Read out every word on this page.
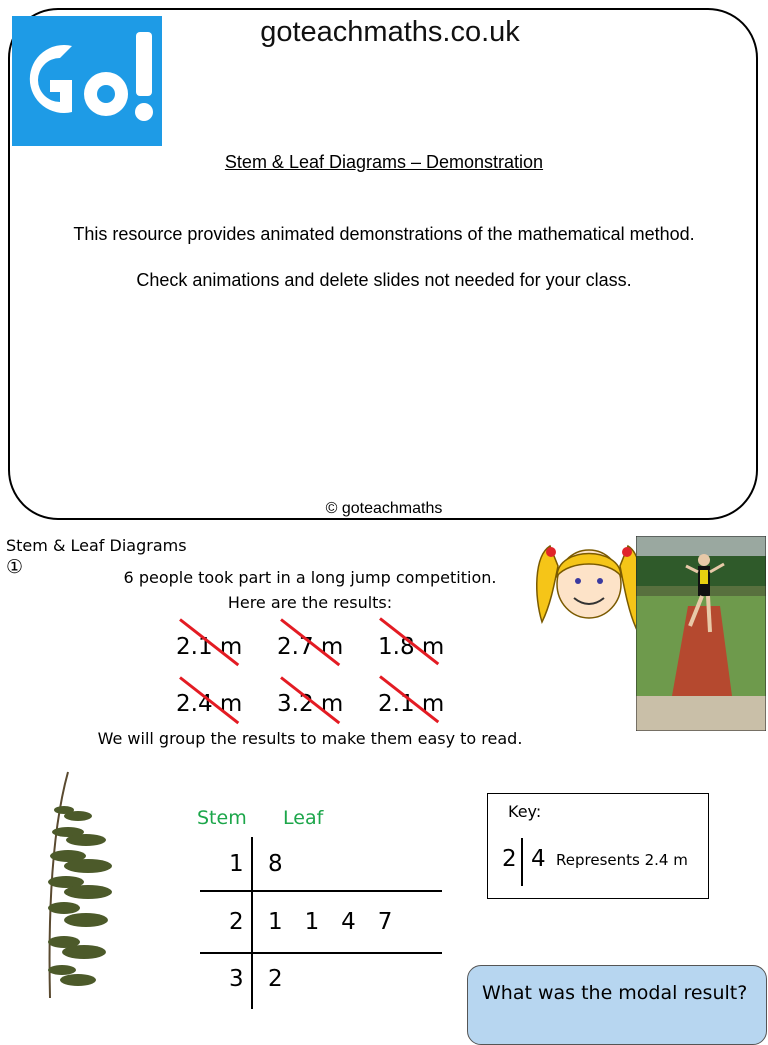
goteachmaths.co.uk
Stem & Leaf Diagrams – Demonstration
This resource provides animated demonstrations of the mathematical method.
Check animations and delete slides not needed for your class.
© goteachmaths
Stem & Leaf Diagrams
①	6 people took part in a long jump competition.
Here are the results:
2.1 m 2.7 m 1.8 m
2.4 m 3.2 m 2.1 m
We will group the results to make them easy to read.
Stem Leaf
1 8
2 1   1   4   7
3 2
Key:
2 4 Represents 2.4 m
What was the modal result?
